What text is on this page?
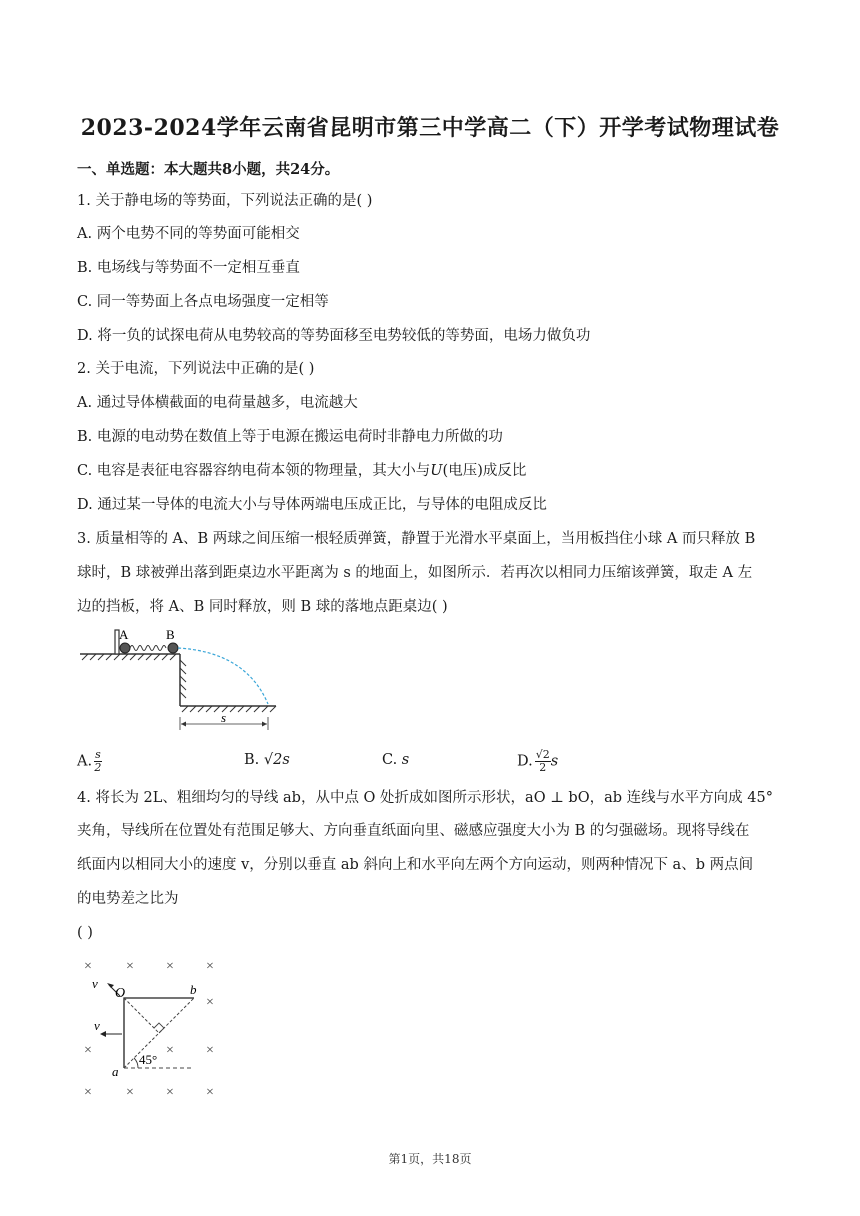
2023-2024学年云南省昆明市第三中学高二（下）开学考试物理试卷
一、单选题：本大题共8小题，共24分。
1. 关于静电场的等势面，下列说法正确的是( )
A. 两个电势不同的等势面可能相交
B. 电场线与等势面不一定相互垂直
C. 同一等势面上各点电场强度一定相等
D. 将一负的试探电荷从电势较高的等势面移至电势较低的等势面，电场力做负功
2. 关于电流，下列说法中正确的是( )
A. 通过导体横截面的电荷量越多，电流越大
B. 电源的电动势在数值上等于电源在搬运电荷时非静电力所做的功
C. 电容是表征电容器容纳电荷本领的物理量，其大小与U(电压)成反比
D. 通过某一导体的电流大小与导体两端电压成正比，与导体的电阻成反比
3. 质量相等的 A、B 两球之间压缩一根轻质弹簧，静置于光滑水平桌面上，当用板挡住小球 A 而只释放 B
球时，B 球被弹出落到距桌边水平距离为 s 的地面上，如图所示．若再次以相同力压缩该弹簧，取走 A 左
边的挡板，将 A、B 同时释放，则 B 球的落地点距桌边( )
A	B
s
A. $\frac{s}{2}$	B. √2s	C. s	D. $\frac{√2}{2}$ s
4. 将长为 2L、粗细均匀的导线 ab，从中点 O 处折成如图所示形状，aO ⊥ bO，ab 连线与水平方向成 45°
夹角，导线所在位置处有范围足够大、方向垂直纸面向里、磁感应强度大小为 B 的匀强磁场。现将导线在
纸面内以相同大小的速度 v，分别以垂直 ab 斜向上和水平向左两个方向运动，则两种情况下 a、b 两点间
的电势差之比为
( )
× × × ×
×
×	× ×
× × × ×
v
O	b
v
a
45°
第1页，共18页
